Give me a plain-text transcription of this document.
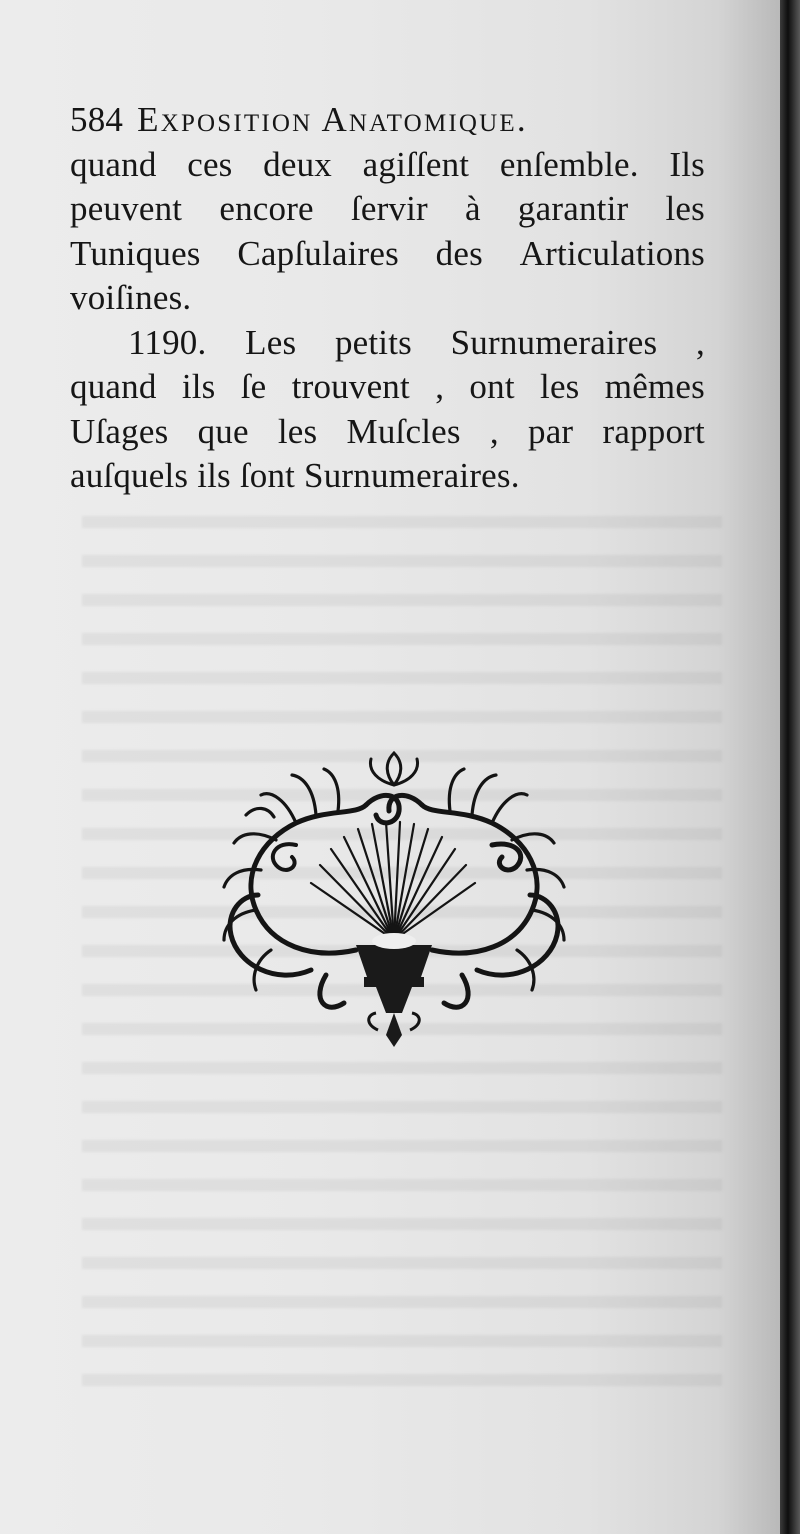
584 Exposition Anatomique.
quand ces deux agiſſent enſemble. Ils
peuvent encore ſervir à garantir les
Tuniques Capſulaires des Articulations
voiſines.
1190. Les petits Surnumeraires ,
quand ils ſe trouvent , ont les mêmes
Uſages que les Muſcles , par rapport
auſquels
ils
ſont
Surnumeraires.
